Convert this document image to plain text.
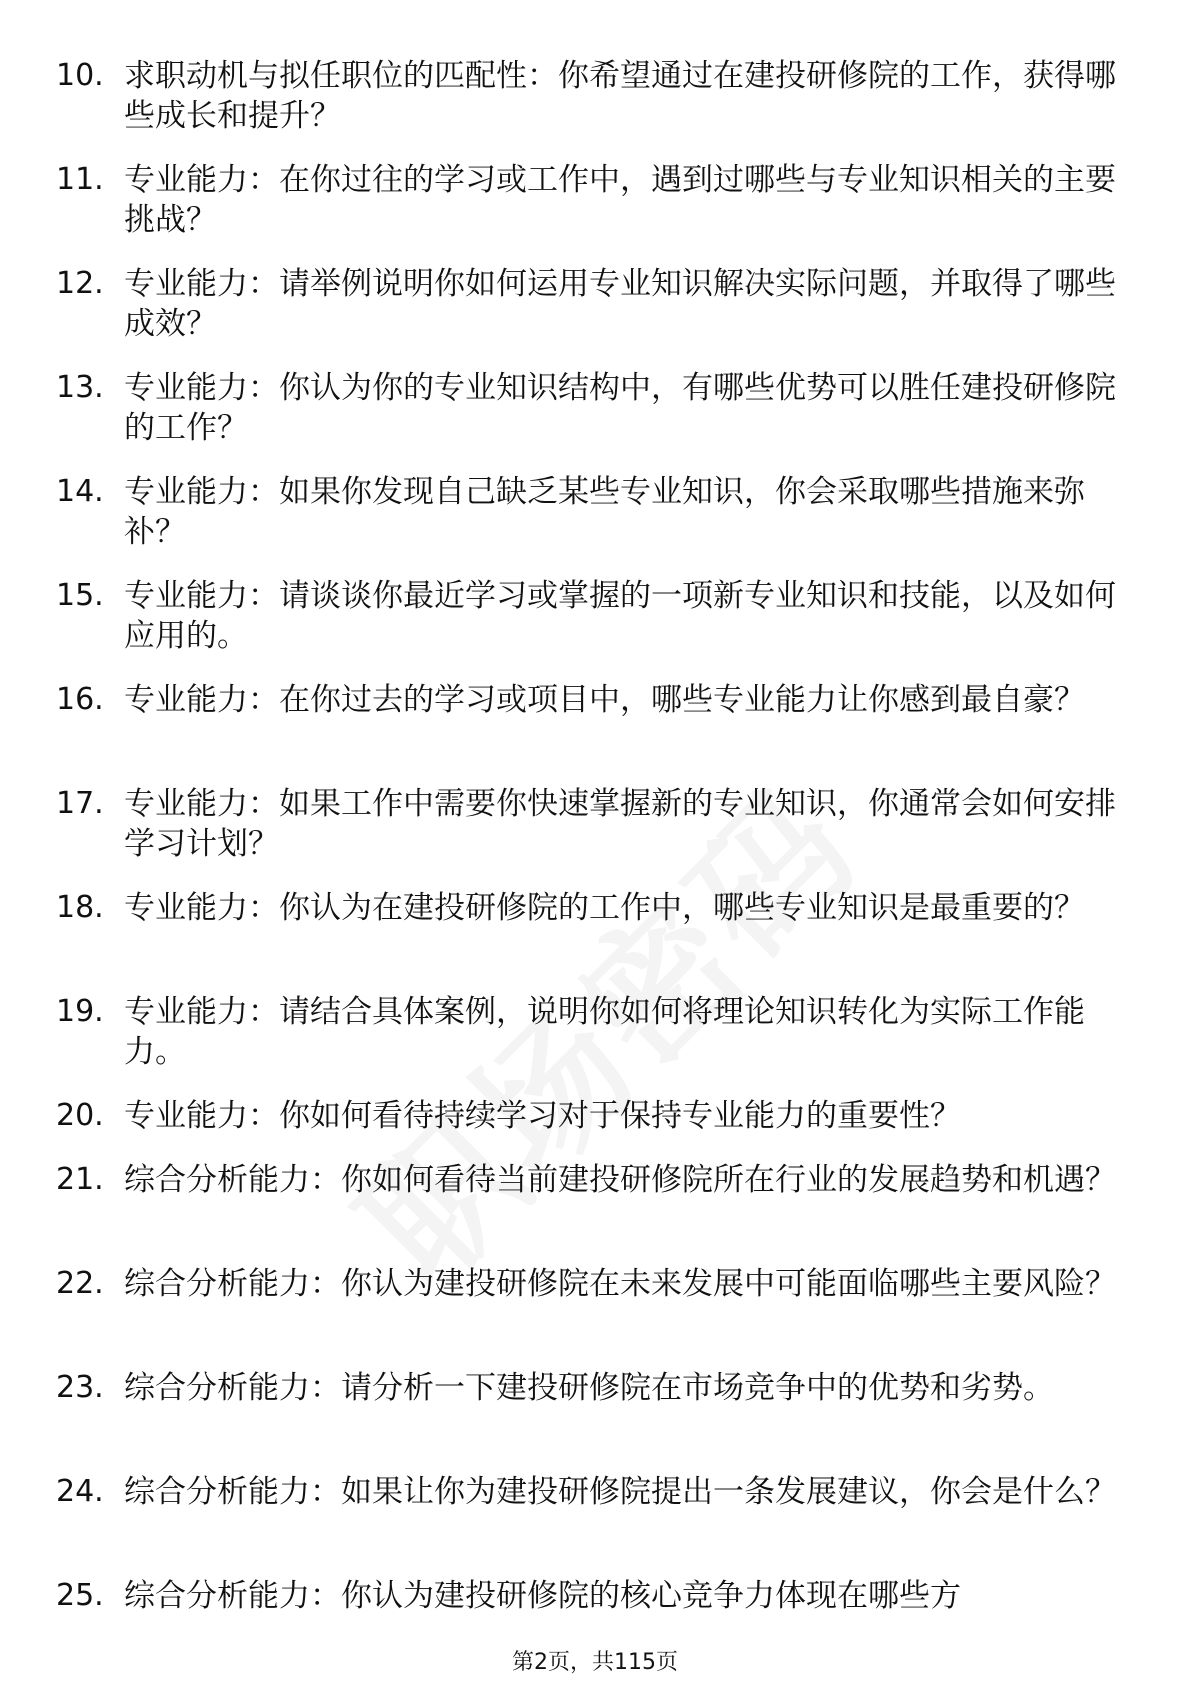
10. 求职动机与拟任职位的匹配性：你希望通过在建投研修院的工作，获得哪些成长和提升？
11. 专业能力：在你过往的学习或工作中，遇到过哪些与专业知识相关的主要挑战？
12. 专业能力：请举例说明你如何运用专业知识解决实际问题，并取得了哪些成效？
13. 专业能力：你认为你的专业知识结构中，有哪些优势可以胜任建投研修院的工作？
14. 专业能力：如果你发现自己缺乏某些专业知识，你会采取哪些措施来弥补？
15. 专业能力：请谈谈你最近学习或掌握的一项新专业知识和技能，以及如何应用的。
16. 专业能力：在你过去的学习或项目中，哪些专业能力让你感到最自豪？
17. 专业能力：如果工作中需要你快速掌握新的专业知识，你通常会如何安排学习计划？
18. 专业能力：你认为在建投研修院的工作中，哪些专业知识是最重要的？
19. 专业能力：请结合具体案例，说明你如何将理论知识转化为实际工作能力。
20. 专业能力：你如何看待持续学习对于保持专业能力的重要性？
21. 综合分析能力：你如何看待当前建投研修院所在行业的发展趋势和机遇？
22. 综合分析能力：你认为建投研修院在未来发展中可能面临哪些主要风险？
23. 综合分析能力：请分析一下建投研修院在市场竞争中的优势和劣势。
24. 综合分析能力：如果让你为建投研修院提出一条发展建议，你会是什么？
25. 综合分析能力：你认为建投研修院的核心竞争力体现在哪些方
第2页，共115页
